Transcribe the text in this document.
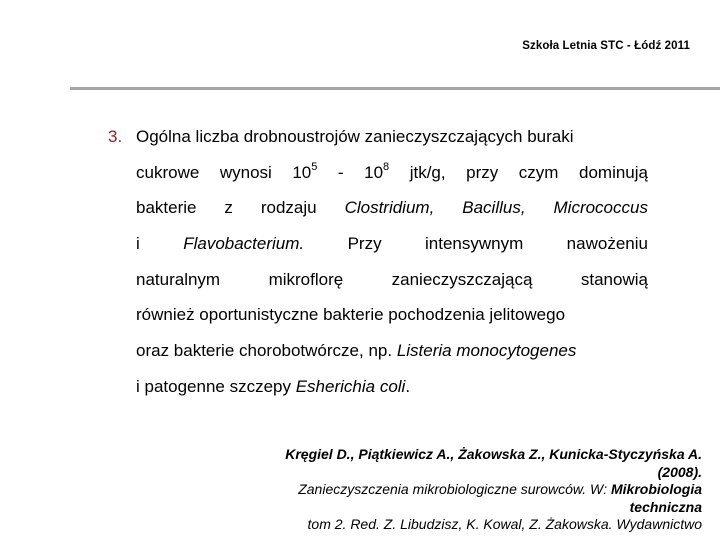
Szkoła Letnia STC - Łódź 2011
3. Ogólna liczba drobnoustrojów zanieczyszczających buraki
cukrowe wynosi $10^5 - 10^8$ jtk/g, przy czym dominują
bakterie z rodzaju Clostridium, Bacillus, Micrococcus
i	Flavobacterium.	Przy	intensywnym	nawożeniu
naturalnym	mikroflorę	zanieczyszczającą	stanowią
również oportunistyczne bakterie pochodzenia jelitowego
oraz bakterie chorobotwórcze, np. Listeria monocytogenes
i patogenne szczepy Esherichia coli.
Kręgiel D., Piątkiewicz A., Żakowska Z., Kunicka-Styczyńska A.
(2008).
Zanieczyszczenia mikrobiologiczne surowców. W: Mikrobiologia
techniczna
tom 2. Red. Z. Libudzisz, K. Kowal, Z. Żakowska. Wydawnictwo
